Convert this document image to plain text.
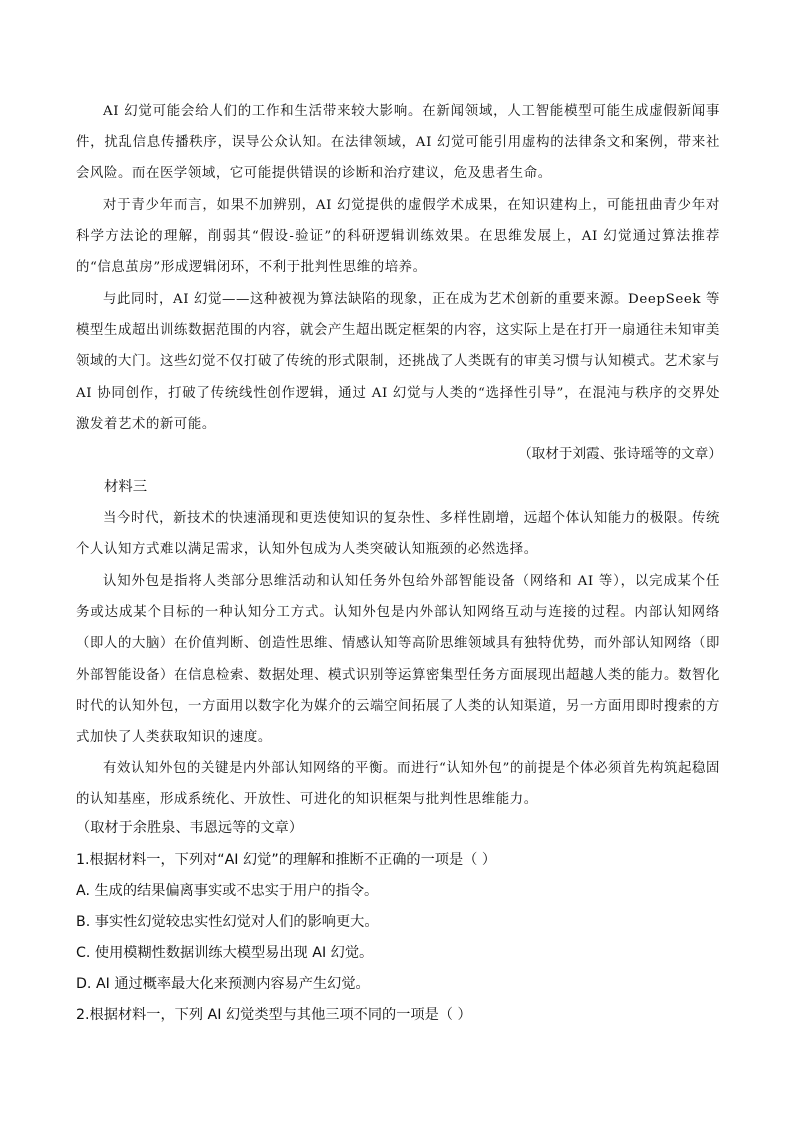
AI 幻觉可能会给人们的工作和生活带来较大影响。在新闻领域，人工智能模型可能生成虚假新闻事件，扰乱信息传播秩序，误导公众认知。在法律领域，AI 幻觉可能引用虚构的法律条文和案例，带来社会风险。而在医学领域，它可能提供错误的诊断和治疗建议，危及患者生命。
对于青少年而言，如果不加辨别，AI 幻觉提供的虚假学术成果，在知识建构上，可能扭曲青少年对科学方法论的理解，削弱其“假设-验证”的科研逻辑训练效果。在思维发展上，AI 幻觉通过算法推荐的“信息茧房”形成逻辑闭环，不利于批判性思维的培养。
与此同时，AI 幻觉——这种被视为算法缺陷的现象，正在成为艺术创新的重要来源。DeepSeek 等模型生成超出训练数据范围的内容，就会产生超出既定框架的内容，这实际上是在打开一扇通往未知审美领域的大门。这些幻觉不仅打破了传统的形式限制，还挑战了人类既有的审美习惯与认知模式。艺术家与 AI 协同创作，打破了传统线性创作逻辑，通过 AI 幻觉与人类的“选择性引导”，在混沌与秩序的交界处激发着艺术的新可能。
（取材于刘霞、张诗瑶等的文章）
材料三
当今时代，新技术的快速涌现和更迭使知识的复杂性、多样性剧增，远超个体认知能力的极限。传统个人认知方式难以满足需求，认知外包成为人类突破认知瓶颈的必然选择。
认知外包是指将人类部分思维活动和认知任务外包给外部智能设备（网络和 AI 等），以完成某个任务或达成某个目标的一种认知分工方式。认知外包是内外部认知网络互动与连接的过程。内部认知网络（即人的大脑）在价值判断、创造性思维、情感认知等高阶思维领域具有独特优势，而外部认知网络（即外部智能设备）在信息检索、数据处理、模式识别等运算密集型任务方面展现出超越人类的能力。数智化时代的认知外包，一方面用以数字化为媒介的云端空间拓展了人类的认知渠道，另一方面用即时搜索的方式加快了人类获取知识的速度。
有效认知外包的关键是内外部认知网络的平衡。而进行“认知外包”的前提是个体必须首先构筑起稳固的认知基座，形成系统化、开放性、可进化的知识框架与批判性思维能力。
（取材于余胜泉、韦恩远等的文章）
1.根据材料一，下列对“AI 幻觉”的理解和推断不正确的一项是（ ）
A. 生成的结果偏离事实或不忠实于用户的指令。
B. 事实性幻觉较忠实性幻觉对人们的影响更大。
C. 使用模糊性数据训练大模型易出现 AI 幻觉。
D. AI 通过概率最大化来预测内容易产生幻觉。
2.根据材料一，下列 AI 幻觉类型与其他三项不同的一项是（ ）
